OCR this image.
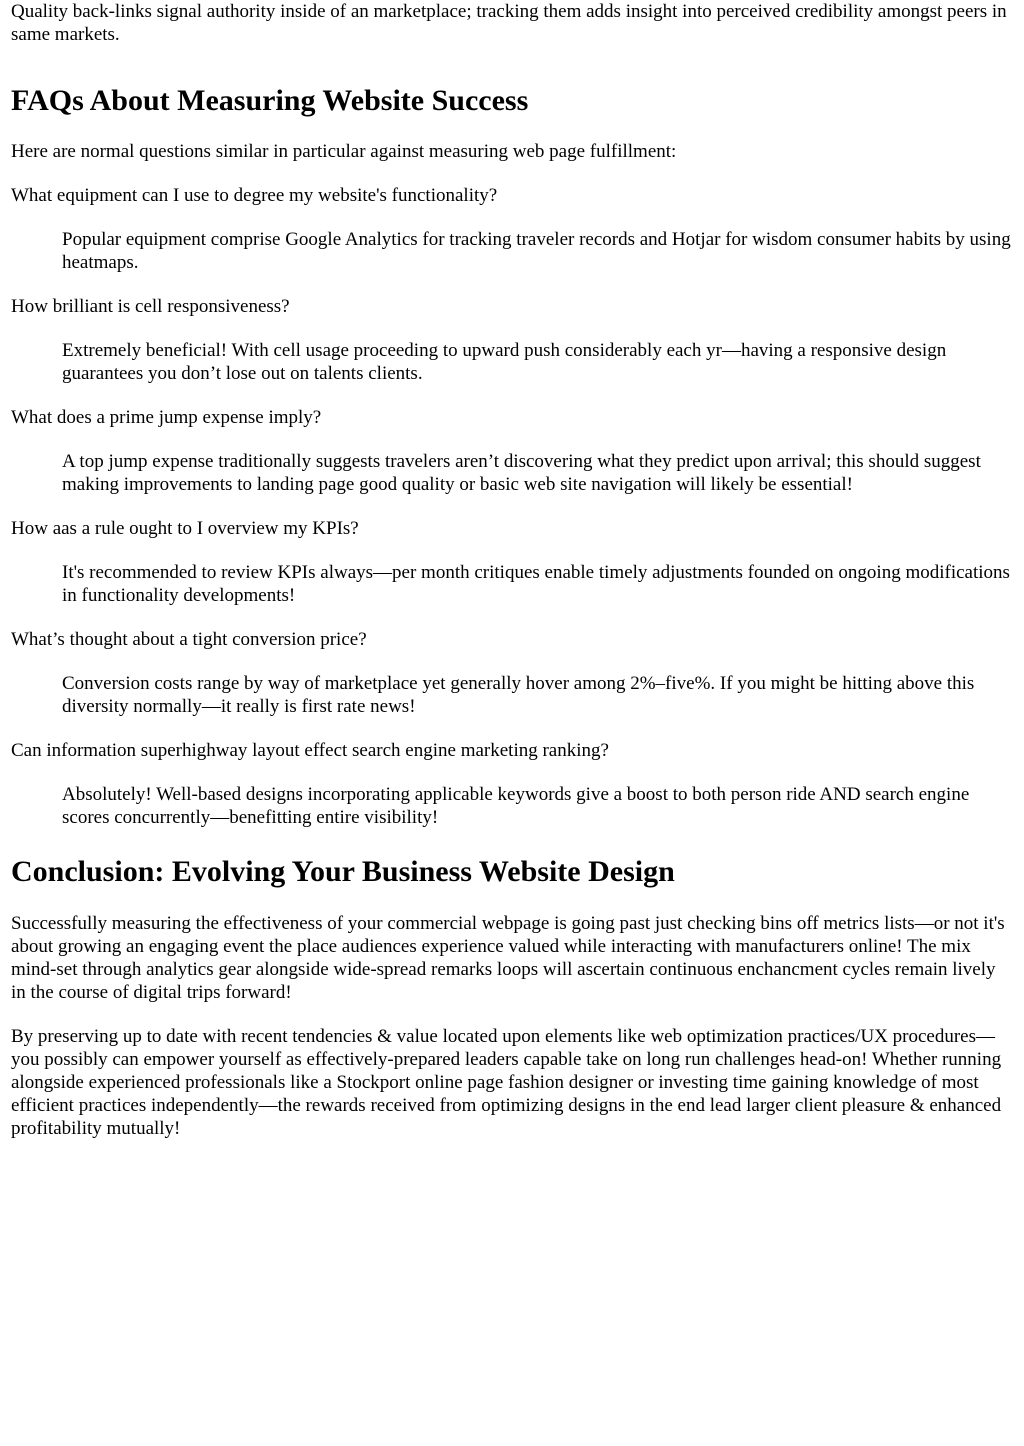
Quality back-links signal authority inside of an marketplace; tracking them adds insight into perceived credibility amongst peers in same markets.

FAQs About Measuring Website Success

Here are normal questions similar in particular against measuring web page fulfillment:

What equipment can I use to degree my website's functionality?
Popular equipment comprise Google Analytics for tracking traveler records and Hotjar for wisdom consumer habits by using heatmaps.
How brilliant is cell responsiveness?
Extremely beneficial! With cell usage proceeding to upward push considerably each yr—having a responsive design guarantees you don’t lose out on talents clients.
What does a prime jump expense imply?
A top jump expense traditionally suggests travelers aren’t discovering what they predict upon arrival; this should suggest making improvements to landing page good quality or basic web site navigation will likely be essential!
How aas a rule ought to I overview my KPIs?
It's recommended to review KPIs always—per month critiques enable timely adjustments founded on ongoing modifications in functionality developments!
What’s thought about a tight conversion price?
Conversion costs range by way of marketplace yet generally hover among 2%–five%. If you might be hitting above this diversity normally—it really is first rate news!
Can information superhighway layout effect search engine marketing ranking?
Absolutely! Well-based designs incorporating applicable keywords give a boost to both person ride AND search engine scores concurrently—benefitting entire visibility!
Conclusion: Evolving Your Business Website Design

Successfully measuring the effectiveness of your commercial webpage is going past just checking bins off metrics lists—or not it's about growing an engaging event the place audiences experience valued while interacting with manufacturers online! The mix mind-set through analytics gear alongside wide-spread remarks loops will ascertain continuous enchancment cycles remain lively in the course of digital trips forward!

By preserving up to date with recent tendencies & value located upon elements like web optimization practices/UX procedures—you possibly can empower yourself as effectively-prepared leaders capable take on long run challenges head-on! Whether running alongside experienced professionals like a Stockport online page fashion designer or investing time gaining knowledge of most efficient practices independently—the rewards received from optimizing designs in the end lead larger client pleasure & enhanced profitability mutually!
